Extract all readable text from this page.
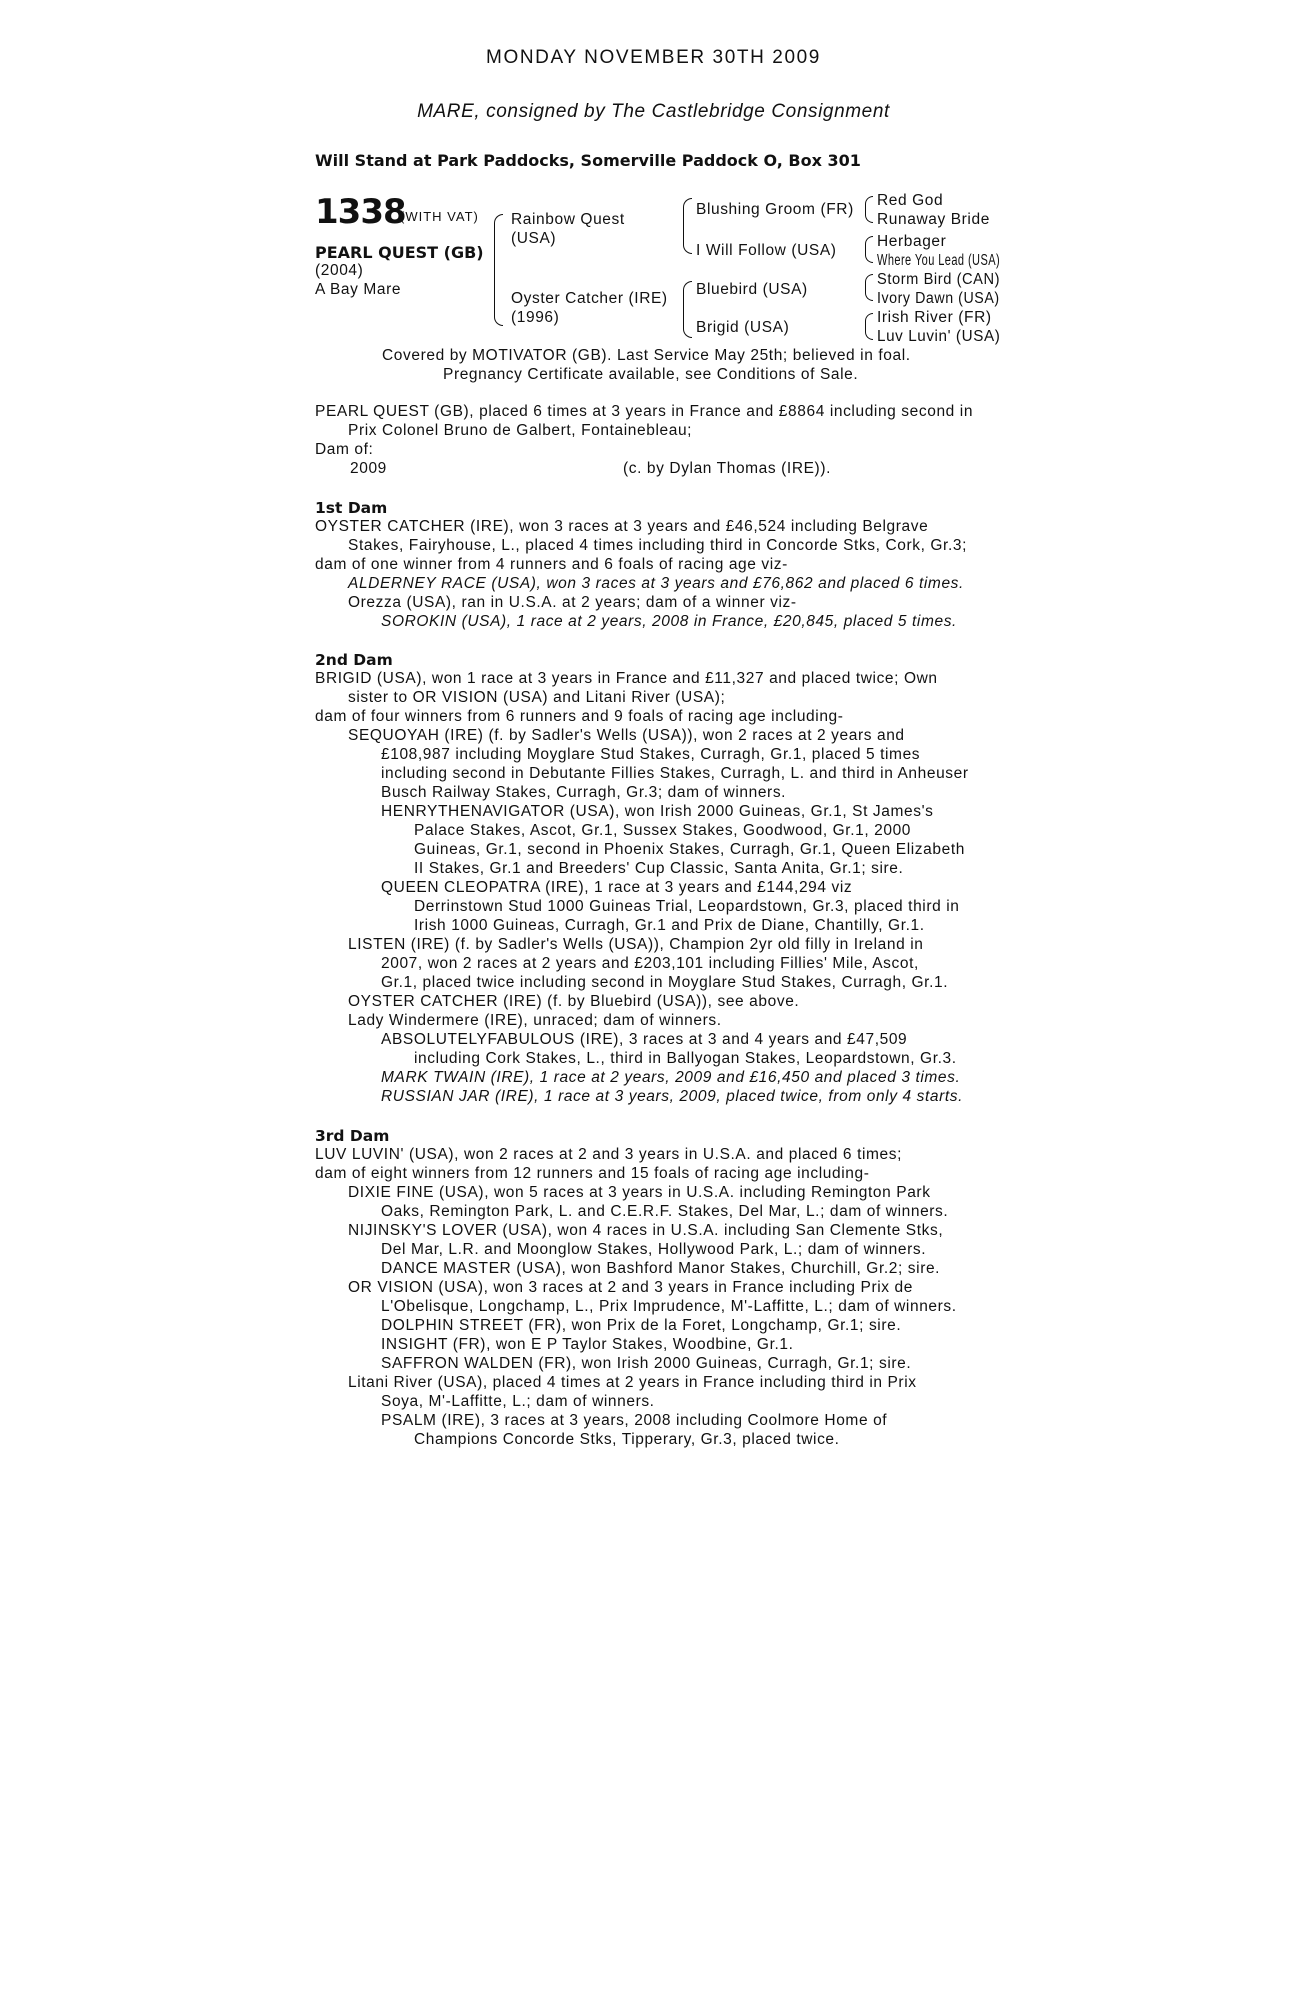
MONDAY NOVEMBER 30TH 2009
MARE, consigned by The Castlebridge Consignment
Will Stand at Park Paddocks, Somerville Paddock O, Box 301
1338
(WITH VAT)
PEARL QUEST (GB)
(2004)
A Bay Mare
Rainbow Quest
(USA)
Oyster Catcher (IRE)
(1996)
Blushing Groom (FR)
I Will Follow (USA)
Bluebird (USA)
Brigid (USA)
Red God
Runaway Bride
Herbager
Where You Lead (USA)
Storm Bird (CAN)
Ivory Dawn (USA)
Irish River (FR)
Luv Luvin' (USA)
Covered by MOTIVATOR (GB). Last Service May 25th; believed in foal.
Pregnancy Certificate available, see Conditions of Sale.
PEARL QUEST (GB), placed 6 times at 3 years in France and £8864 including second in
Prix Colonel Bruno de Galbert, Fontainebleau;
Dam of:
2009	(c. by Dylan Thomas (IRE)).
1st Dam
OYSTER CATCHER (IRE), won 3 races at 3 years and £46,524 including Belgrave
Stakes, Fairyhouse, L., placed 4 times including third in Concorde Stks, Cork, Gr.3;
dam of one winner from 4 runners and 6 foals of racing age viz-
ALDERNEY RACE (USA), won 3 races at 3 years and £76,862 and placed 6 times.
Orezza (USA), ran in U.S.A. at 2 years; dam of a winner viz-
SOROKIN (USA), 1 race at 2 years, 2008 in France, £20,845, placed 5 times.
2nd Dam
BRIGID (USA), won 1 race at 3 years in France and £11,327 and placed twice; Own
sister to OR VISION (USA) and Litani River (USA);
dam of four winners from 6 runners and 9 foals of racing age including-
SEQUOYAH (IRE) (f. by Sadler's Wells (USA)), won 2 races at 2 years and
£108,987 including Moyglare Stud Stakes, Curragh, Gr.1, placed 5 times
including second in Debutante Fillies Stakes, Curragh, L. and third in Anheuser
Busch Railway Stakes, Curragh, Gr.3; dam of winners.
HENRYTHENAVIGATOR (USA), won Irish 2000 Guineas, Gr.1, St James's
Palace Stakes, Ascot, Gr.1, Sussex Stakes, Goodwood, Gr.1, 2000
Guineas, Gr.1, second in Phoenix Stakes, Curragh, Gr.1, Queen Elizabeth
II Stakes, Gr.1 and Breeders' Cup Classic, Santa Anita, Gr.1; sire.
QUEEN CLEOPATRA (IRE), 1 race at 3 years and £144,294 viz
Derrinstown Stud 1000 Guineas Trial, Leopardstown, Gr.3, placed third in
Irish 1000 Guineas, Curragh, Gr.1 and Prix de Diane, Chantilly, Gr.1.
LISTEN (IRE) (f. by Sadler's Wells (USA)), Champion 2yr old filly in Ireland in
2007, won 2 races at 2 years and £203,101 including Fillies' Mile, Ascot,
Gr.1, placed twice including second in Moyglare Stud Stakes, Curragh, Gr.1.
OYSTER CATCHER (IRE) (f. by Bluebird (USA)), see above.
Lady Windermere (IRE), unraced; dam of winners.
ABSOLUTELYFABULOUS (IRE), 3 races at 3 and 4 years and £47,509
including Cork Stakes, L., third in Ballyogan Stakes, Leopardstown, Gr.3.
MARK TWAIN (IRE), 1 race at 2 years, 2009 and £16,450 and placed 3 times.
RUSSIAN JAR (IRE), 1 race at 3 years, 2009, placed twice, from only 4 starts.
3rd Dam
LUV LUVIN' (USA), won 2 races at 2 and 3 years in U.S.A. and placed 6 times;
dam of eight winners from 12 runners and 15 foals of racing age including-
DIXIE FINE (USA), won 5 races at 3 years in U.S.A. including Remington Park
Oaks, Remington Park, L. and C.E.R.F. Stakes, Del Mar, L.; dam of winners.
NIJINSKY'S LOVER (USA), won 4 races in U.S.A. including San Clemente Stks,
Del Mar, L.R. and Moonglow Stakes, Hollywood Park, L.; dam of winners.
DANCE MASTER (USA), won Bashford Manor Stakes, Churchill, Gr.2; sire.
OR VISION (USA), won 3 races at 2 and 3 years in France including Prix de
L'Obelisque, Longchamp, L., Prix Imprudence, M'-Laffitte, L.; dam of winners.
DOLPHIN STREET (FR), won Prix de la Foret, Longchamp, Gr.1; sire.
INSIGHT (FR), won E P Taylor Stakes, Woodbine, Gr.1.
SAFFRON WALDEN (FR), won Irish 2000 Guineas, Curragh, Gr.1; sire.
Litani River (USA), placed 4 times at 2 years in France including third in Prix
Soya, M'-Laffitte, L.; dam of winners.
PSALM (IRE), 3 races at 3 years, 2008 including Coolmore Home of
Champions Concorde Stks, Tipperary, Gr.3, placed twice.
